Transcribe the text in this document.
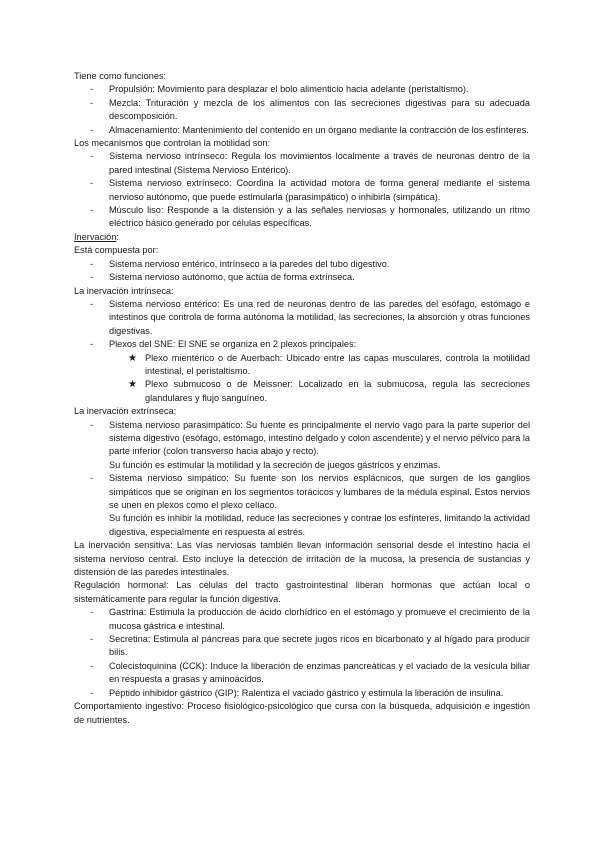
Tiene como funciones:

- Propulsión: Movimiento para desplazar el bolo alimenticio hacia adelante (peristaltismo).
- Mezcla: Trituración y mezcla de los alimentos con las secreciones digestivas para su adecuada descomposición.
- Almacenamiento: Mantenimiento del contenido en un órgano mediante la contracción de los esfínteres.

Los mecanismos que controlan la motilidad son:

- Sistema nervioso intrínseco: Regula los movimientos localmente a través de neuronas dentro de la pared intestinal (Sistema Nervioso Entérico).
- Sistema nervioso extrínseco: Coordina la actividad motora de forma general mediante el sistema nervioso autónomo, que puede estimularla (parasimpático) o inhibirla (simpática).
- Músculo liso: Responde a la distensión y a las señales nerviosas y hormonales, utilizando un ritmo eléctrico básico generado por células específicas.

Inervación:

Está compuesta por:

- Sistema nervioso entérico, intrínseco a la paredes del tubo digestivo.
- Sistema nervioso autónomo, que actúa de forma extrínseca.

La inervación intrínseca:

- Sistema nervioso entérico: Es una red de neuronas dentro de las paredes del esófago, estómago e intestinos que controla de forma autónoma la motilidad, las secreciones, la absorción y otras funciones digestivas.
- Plexos del SNE: El SNE se organiza en 2 plexos principales:
★ Plexo mientérico o de Auerbach: Ubicado entre las capas musculares, controla la motilidad intestinal, el peristaltismo.
★ Plexo submucoso o de Meissner: Localizado en la submucosa, regula las secreciones glandulares y flujo sanguíneo.

La inervación extrínseca:

- Sistema nervioso parasimpático: Su fuente es principalmente el nervio vago para la parte superior del sistema digestivo (esófago, estómago, intestino delgado y colon ascendente) y el nervio pélvico para la parte inferior (colon transverso hacia abajo y recto).
Su función es estimular la motilidad y la secreción de juegos gástricos y enzimas.
- Sistema nervioso simpático: Su fuente son los nervios esplácnicos, que surgen de los ganglios simpáticos que se originan en los segmentos torácicos y lumbares de la médula espinal. Estos nervios se unen en plexos como el plexo celíaco.
Su función es inhibir la motilidad, reduce las secreciones y contrae los esfínteres, limitando la actividad digestiva, especialmente en respuesta al estrés.

La inervación sensitiva: Las vías nerviosas también llevan información sensorial desde el intestino hacia el sistema nervioso central. Esto incluye la detección de irritación de la mucosa, la presencia de sustancias y distensión de las paredes intestinales.

Regulación hormonal: Las células del tracto gastrointestinal liberan hormonas que actúan local o sistemáticamente para regular la función digestiva.

- Gastrina: Estimula la producción de ácido clorhídrico en el estómago y promueve el crecimiento de la mucosa gástrica e intestinal.
- Secretina: Estimula al páncreas para que secrete jugos ricos en bicarbonato y al hígado para producir bilis.
- Colecistoquinina (CCK): Induce la liberación de enzimas pancreáticas y el vaciado de la vesícula biliar en respuesta a grasas y aminoácidos.
- Péptido inhibidor gástrico (GIP): Ralentiza el vaciado gástrico y estimula la liberación de insulina.

Comportamiento ingestivo: Proceso fisiológico-psicológico que cursa con la búsqueda, adquisición e ingestión de nutrientes.
